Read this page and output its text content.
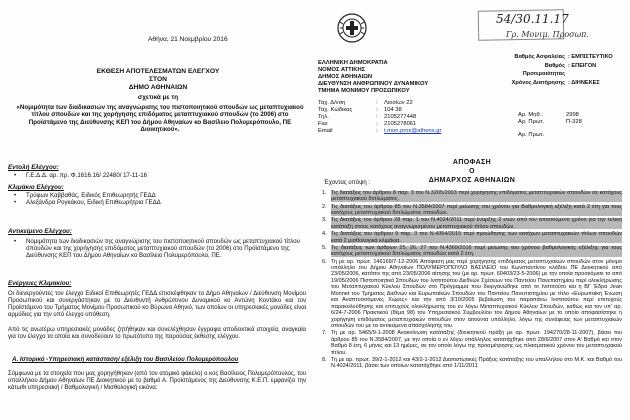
Αθήνα, 21 Νοεμβρίου 2016
ΕΚΘΕΣΗ ΑΠΟΤΕΛΕΣΜΑΤΩΝ ΕΛΕΓΧΟΥ
ΣΤΟΝ
ΔΗΜΟ ΑΘΗΝΑΙΩΝ
σχετικά με τη
«Νομιμότητα των διαδικασιών της αναγνώρισης του πιστοποιητικού σπουδών ως μεταπτυχιακού τίτλου σπουδών και της χορήγησης επιδόματος μεταπτυχιακού σπουδών (το 2006) στο Προϊστάμενο της Διεύθυνσης ΚΕΠ του Δήμου Αθηναίων κο Βασίλειο Πολυμερόπουλο, ΠΕ Διοικητικού».
Εντολή Ελέγχου:
•	Γ.Ε.Δ.Δ. αρ. πρ. Φ.1616.16/ 22480/ 17-11-16
Κλιμάκιο Ελέγχου:
•	Τρύφων Καββαθάς, Ειδικός Επιθεωρητής ΓΕΔΔ
•	Αλεξάνδρα Ρογκάκου, Ειδική Επιθεωρήτρια ΓΕΔΔ
Αντικείμενο Ελέγχου:
•	Νομιμότητα των διαδικασιών της αναγνώρισης του πιστοποιητικού σπουδών ως μεταπτυχιακού τίτλου σπουδών και της χορήγησης επιδόματος μεταπτυχιακού σπουδών (το 2006) στο Προϊστάμενο της Διεύθυνσης ΚΕΠ του Δήμου Αθηναίων κο Βασίλειο Πολυμερόπουλο, ΠΕ.
Ενέργειες Κλιμακίου:
Οι διενεργούντες τον έλεγχο Ειδικοί Επιθεωρητές ΓΕΔΔ επισκέφθηκαν το Δήμο Αθηναίων / Διεύθυνση Μονίμου Προσωπικού και συνεργάστηκαν με το Διευθυντή Ανθρώπινου Δυναμικού κο Αντώνη Κοντάκο και τον Προϊστάμενο του Τμήματος Μονίμου Προσωπικού κο Βύρωνα Αθηνιό, των οποίων οι υπηρεσιακές μονάδες είναι αρμόδιες για την υπό έλεγχο υπόθεση.
Από τις ανωτέρω υπηρεσιακές μονάδες ζητήθηκαν και συνελέχθησαν έγγραφα αποδεικτικά στοιχεία, αναγκαία για τον έλεγχο τα οποία και συνοδεύουν το πρωτότυπο της παρούσας έκθεσης ελέγχου.
Α. Ιστορικό -Υπηρεσιακή κατάσταση/ εξέλιξη του Βασιλείου Πολυμερόπουλου
Σύμφωνα με τα στοιχεία που μας χορηγήθηκαν (από τον ατομικό φάκελο) ο κος Βασίλειος Πολυμερόπουλος, του υπαλλήλου Δήμου Αθηναίων ΠΕ Διοικητικού με το βαθμό Α. Προϊστάμενος της Διεύθυνσης Κ.Ε.Π. εμφανίζει την κάτωθι υπηρεσιακή / Βαθμολογική / Μισθολογική εικόνα:
54/30.11.17
Γρ. Μονιμ. Προσωπ.
Βαθμός Ασφαλείας : ΕΜΠΙΣΤΕΥΤΙΚΟ
Βαθμός Προτεραιότητας
: ΕΠΕΙΓΟΝ
Χρόνος Διατήρησης : ΔΙΗΝΕΚΕΣ
ΕΛΛΗΝΙΚΗ ΔΗΜΟΚΡΑΤΙΑ
ΝΟΜΟΣ ΑΤΤΙΚΗΣ
ΔΗΜΟΣ ΑΘΗΝΑΙΩΝ
ΔΙΕΥΘΥΝΣΗ ΑΝΘΡΩΠΙΝΟΥ ΔΥΝΑΜΙΚΟΥ
ΤΜΗΜΑ ΜΟΝΙΜΟΥ ΠΡΟΣΩΠΙΚΟΥ
Ταχ. Δ/νση	:	Λιοσίων 22
Ταχ. Κώδικας	:	104 38
Τηλ.	:	2105277448
Fax	:	2105278061
Email	:	t.mon.pros@athens.gr
Αρ. Μηθ.:	2998
Αρ. Πρωτ.	Π-328
Αρ. Πρωτ.
ΑΠΟΦΑΣΗ
Ο
ΔΗΜΑΡΧΟΣ ΑΘΗΝΑΙΩΝ
Έχοντας υπόψη :
1. Τις διατάξεις του άρθρου 8 παρ. 3 του Ν.3205/2003 περί χορήγησης επιδόματος μεταπτυχιακών σπουδών σε κατόχους μεταπτυχιακού διπλώματος.
2. Τις διατάξεις του άρθρου 85 του Ν.3584/2007 περί μείωσης του χρόνου για Βαθμολογική εξέλιξη κατά 2 έτη για τους κατόχους μεταπτυχιακού διπλώματος σπουδών.
3. Τις διατάξεις του άρθρου 28 παρ. 1 του Ν.4024/2011 περί έναρξης 2 ετών από τον απαιτούμενο χρόνο για την τελική κατάταξη στους κατόχους αναγνωρισμένου μεταπτυχιακού τίτλου σπουδών.
4. Τις διατάξεις του άρθρου 9 παρ. 3 του Ν.4354/2015 περί προώθησης των κατόχων μεταπτυχιακών τίτλων σπουδών κατά 2 μισθολογικά κλιμάκια.
5. Τις διατάξεις των άρθρων 25, 26, 27 του Ν.4369/2016 περί μείωσης του χρόνου βαθμολογικής εξέλιξης για τους κατόχους μεταπτυχιακού διπλώματος σπουδών κατά 2 έτη.
6. Τη με αρ. πρωτ. 146169/7-12-2006 Απόφαση μας περί χορήγησης επιδόματος μεταπτυχιακών σπουδών στον μόνιμο υπάλληλο του Δήμου Αθηναίων ΠΟΛΥΜΕΡΟΠΟΥΛΟ ΒΑΣΙΛΕΙΟ του Κωνσταντίνου κλάδου ΠΕ Διοικητικού από 23/05/2006, κατόπιν της από 23/05/2006 αίτησης του (με αρ. πρωτ. 60403/23-5-2006) με την οποία προσκόμισε το από 19/05/2006 Πιστοποιητικό Σπουδών του Ινστιτούτου Διεθνών Σχέσεων του Παντείου Πανεπιστημίου περί ολοκλήρωσης του Μεταπτυχιακού Κύκλου Σπουδών στο Πρόγραμμα που διοργανώθηκε από το Ινστιτούτο και η ΒΓ Έδρα Jean Monnet του Τμήματος Διεθνών και Ευρωπαϊκών Σπουδών του Παντείου Πανεπιστημίου με τίτλο «Ευρωπαϊκή Ένωση και Αναπτυσσόμενες Χώρες» και την από 3/10/2005 βεβαίωση του παραπάνω Ινστιτούτου περί επιτυχούς παρακολούθησης και επιτυχούς ολοκλήρωσης του εν λόγω Μεταπτυχιακού Κύκλου Σπουδών, καθώς και τον υπ' αρ. 6/24-7-2006 Πρακτικού (θέμα 98) του Υπηρεσιακού Συμβουλίου του Δήμου Αθηναίων με το οποίο αποφασίστηκε η χορήγηση επιδόματος μεταπτυχιακών σπουδών στον αιτούντα υπάλληλο, λόγω της συνάφειας των μεταπτυχιακών σπουδών του με τα αντικείμενα απασχόλησής του.
7. Τη με αρ. 5465/9-1-2008 Ανακοίνωση κατάταξης (διοικητικού πράξη με αρ. πρωτ. 194270/28-11-2007), βάσει του άρθρου 85 του Ν.3584/2007, με την οποία ο εν λόγω υπάλληλος κατατάχθηκε από 28/6/2007 στον Α' Βαθμό και στον Βαθμό 8 έτη, 6 μήνες και 13 ημέρες, σε τον οποίο λόγω της προσμέτρησης ως πλασματικού χρόνου του μεταπτυχιακού τίτλου.
8. Τη με αρ. πρωτ. 39/2-1-2012 και 43/2-1-2012 Διαπιστωτικές Πράξεις κατάταξης του υπαλλήλου στο Μ.Κ. και Βαθμό του Ν.4024/2011, βάσει των οποίων κατατάχθηκε από 1/11/2011
